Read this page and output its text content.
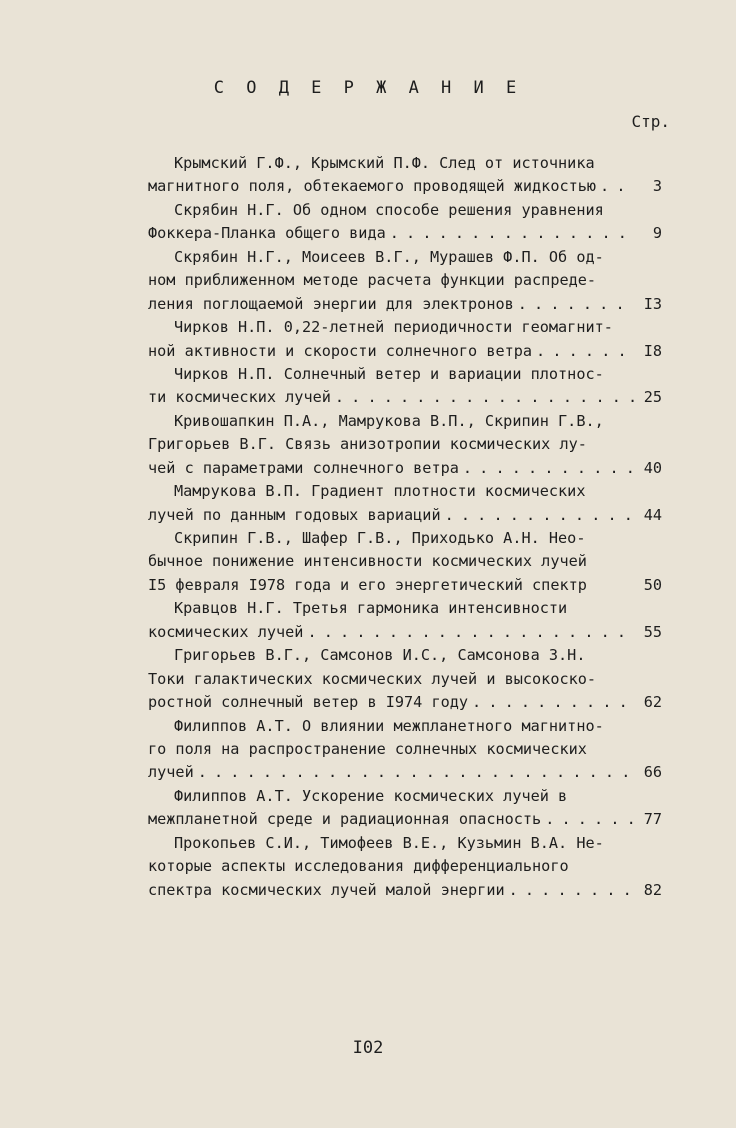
С О Д Е Р Ж А Н И Е
Стр.
Крымский Г.Ф., Крымский П.Ф. След от источника
магнитного поля, обтекаемого проводящей жидкостью . . .	3
Скрябин Н.Г. Об одном способе решения уравнения
Фоккера-Планка общего вида . . .	9
Скрябин Н.Г., Моисеев В.Г., Мурашев Ф.П. Об од-
ном приближенном методе расчета функции распреде-
ления поглощаемой энергии для электронов . . .	I3
Чирков Н.П. 0,22-летней периодичности геомагнит-
ной активности и скорости солнечного ветра . . .	I8
Чирков Н.П. Солнечный ветер и вариации плотнос-
ти космических лучей . . .	25
Кривошапкин П.А., Мамрукова В.П., Скрипин Г.В.,
Григорьев В.Г. Связь анизотропии космических лу-
чей с параметрами солнечного ветра . . .	40
Мамрукова В.П. Градиент плотности космических
лучей по данным годовых вариаций . . .	44
Скрипин Г.В., Шафер Г.В., Приходько А.Н. Нео-
бычное понижение интенсивности космических лучей
I5 февраля I978 года и его энергетический спектр	50
Кравцов Н.Г. Третья гармоника интенсивности
космических лучей . . .	55
Григорьев В.Г., Самсонов И.С., Самсонова З.Н.
Токи галактических космических лучей и высокоско-
ростной солнечный ветер в I974 году . . .	62
Филиппов А.Т. О влиянии межпланетного магнитно-
го поля на распространение солнечных космических
лучей . . .	66
Филиппов А.Т. Ускорение космических лучей в
межпланетной среде и радиационная опасность . . .	77
Прокопьев С.И., Тимофеев В.Е., Кузьмин В.А. Не-
которые аспекты исследования дифференциального
спектра космических лучей малой энергии . . .	82
I02
